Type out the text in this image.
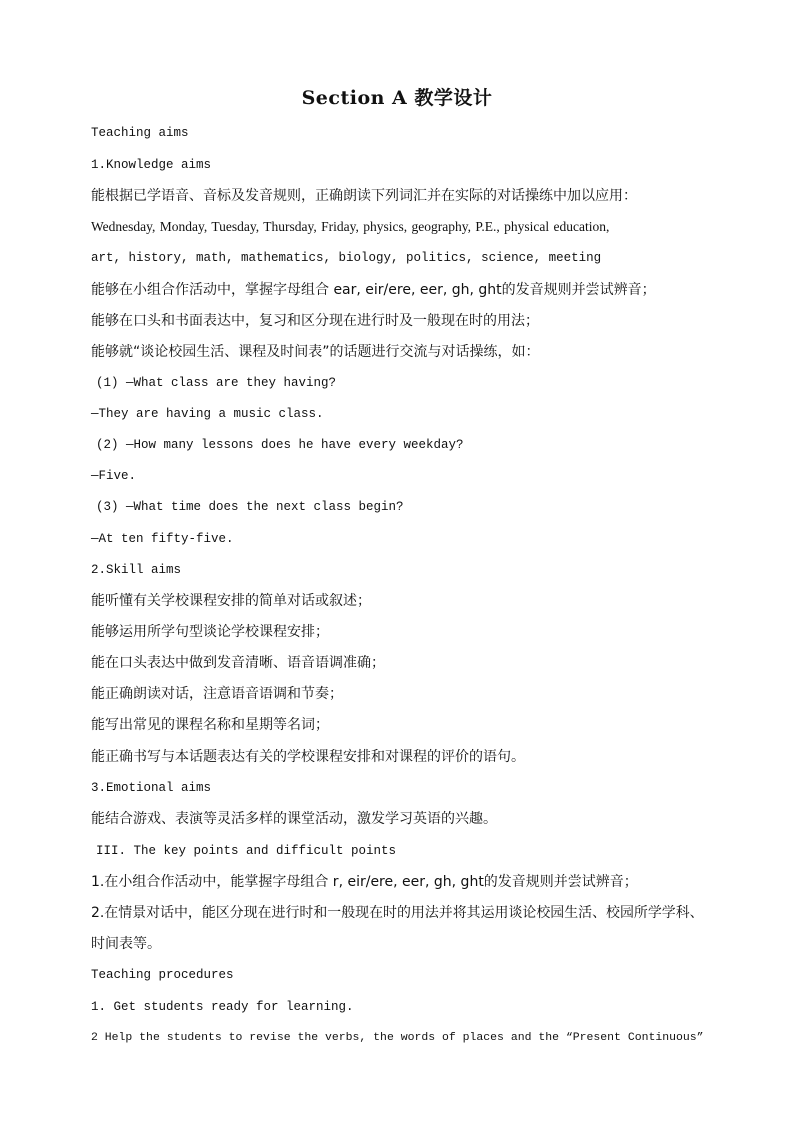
Section A 教学设计
Teaching aims
1.Knowledge aims
能根据已学语音、音标及发音规则，正确朗读下列词汇并在实际的对话操练中加以应用：
Wednesday, Monday, Tuesday, Thursday, Friday, physics, geography, P.E., physical education,
art, history, math, mathematics, biology, politics, science, meeting
能够在小组合作活动中，掌握字母组合 ear, eir/ere, eer, gh, ght的发音规则并尝试辨音；
能够在口头和书面表达中，复习和区分现在进行时及一般现在时的用法；
能够就“谈论校园生活、课程及时间表”的话题进行交流与对话操练，如：
(1) —What class are they having?
—They are having a music class.
(2) —How many lessons does he have every weekday?
—Five.
(3) —What time does the next class begin?
—At ten fifty-five.
2.Skill aims
能听懂有关学校课程安排的简单对话或叙述；
能够运用所学句型谈论学校课程安排；
能在口头表达中做到发音清晰、语音语调准确；
能正确朗读对话，注意语音语调和节奏；
能写出常见的课程名称和星期等名词；
能正确书写与本话题表达有关的学校课程安排和对课程的评价的语句。
3.Emotional aims
能结合游戏、表演等灵活多样的课堂活动，激发学习英语的兴趣。
III. The key points and difficult points
1.在小组合作活动中，能掌握字母组合 r, eir/ere, eer, gh, ght的发音规则并尝试辨音；
2.在情景对话中，能区分现在进行时和一般现在时的用法并将其运用谈论校园生活、校园所学学科、
时间表等。
Teaching procedures
1. Get students ready for learning.
2 Help the students to revise the verbs, the words of places and the “Present Continuous”
